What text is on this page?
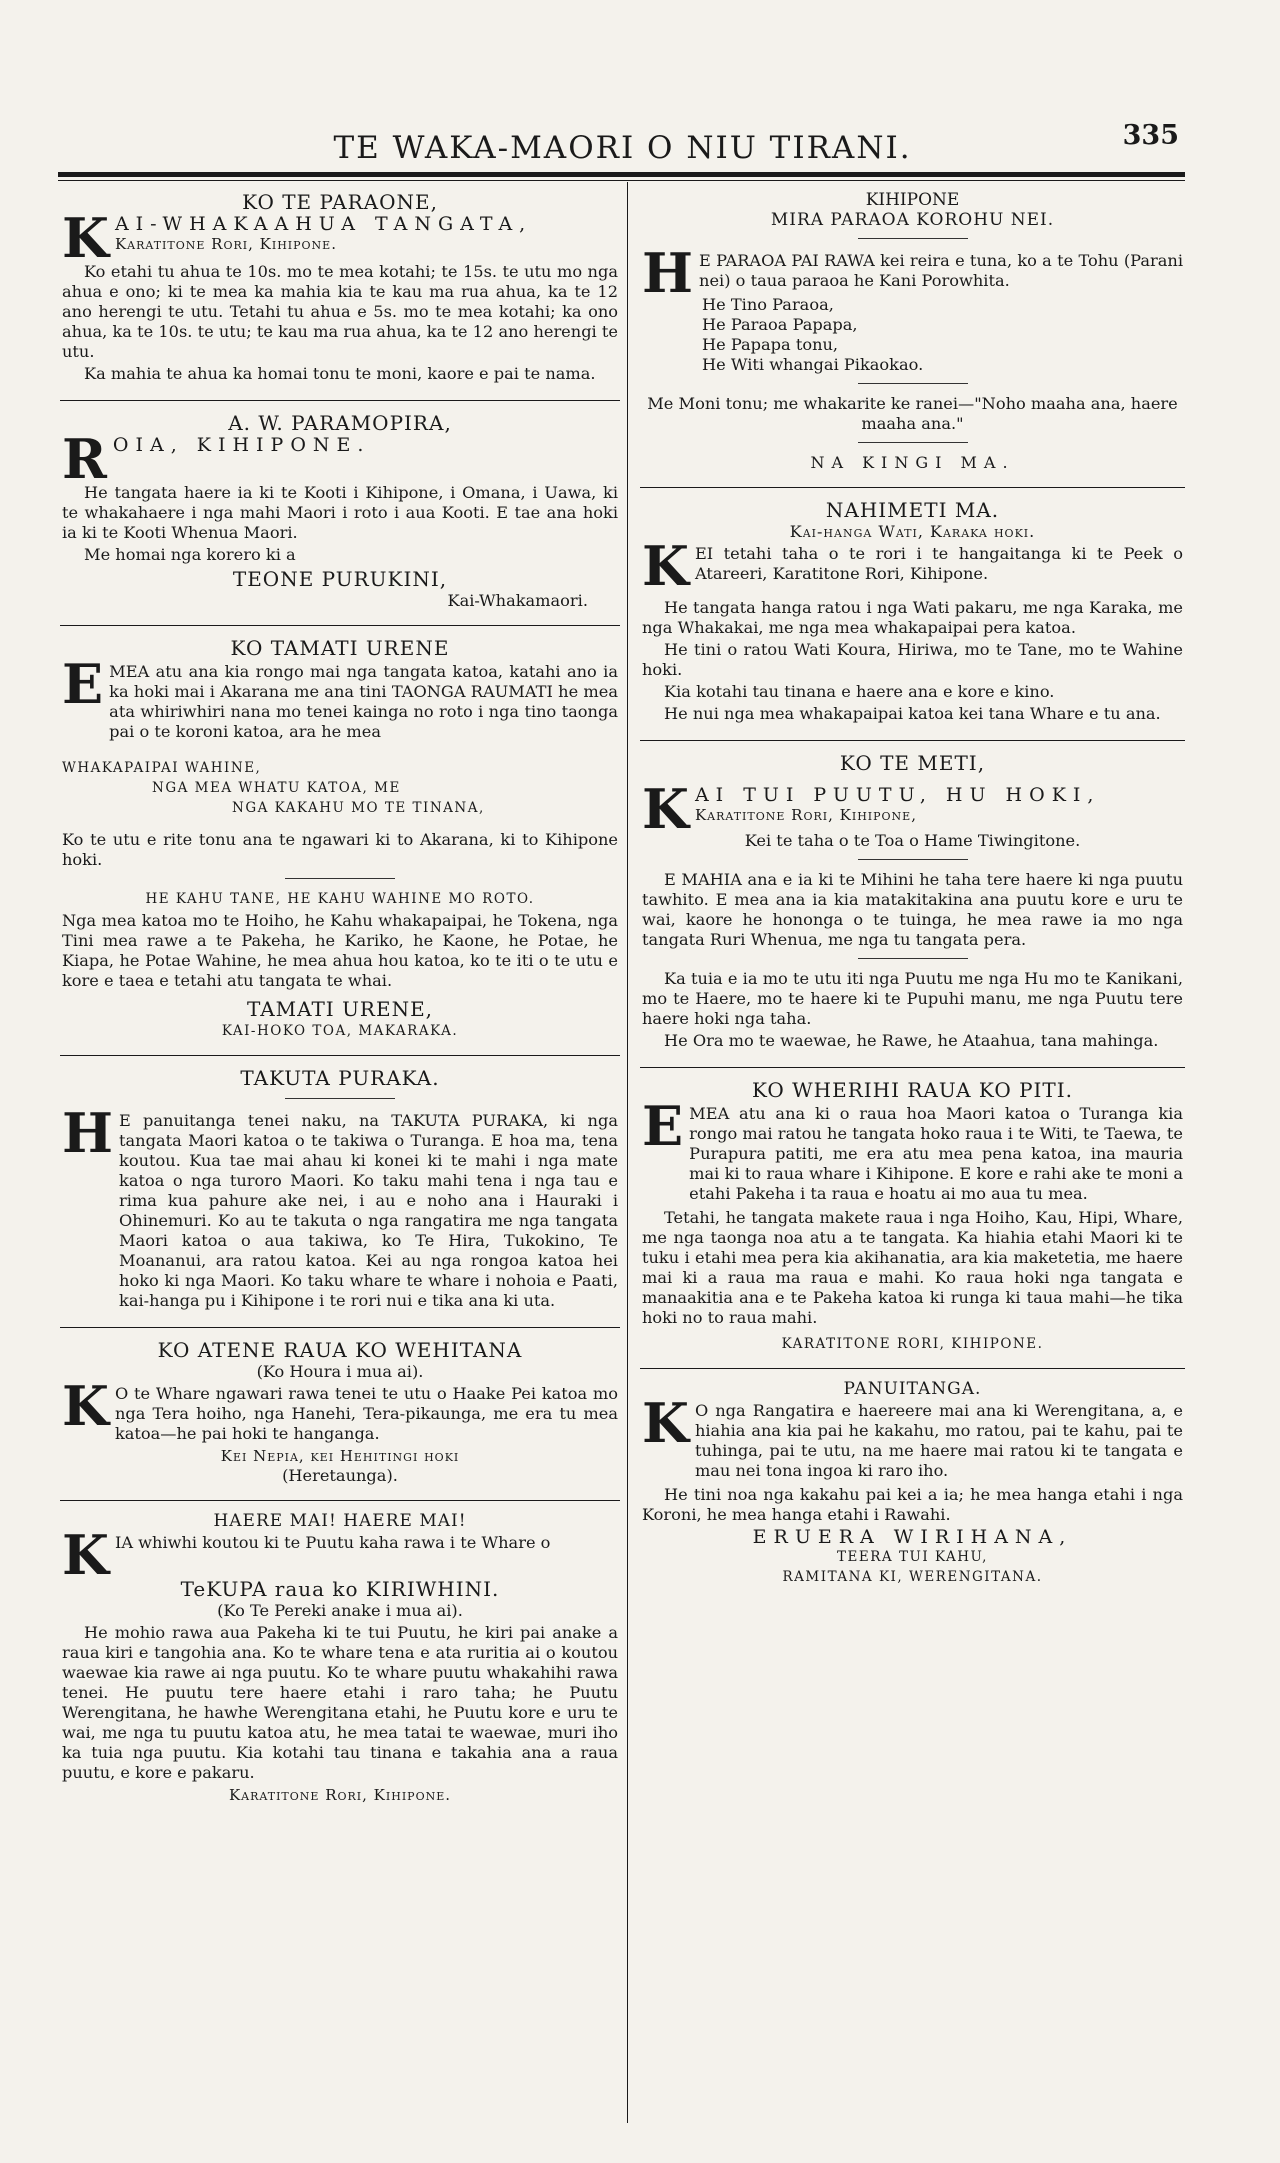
TE WAKA-MAORI O NIU TIRANI.	335
KO TE PARAONE,
K AI-WHAKAAHUA TANGATA,
Karatitone Rori, Kihipone.

Ko etahi tu ahua te 10s. mo te mea kotahi; te 15s. te utu mo nga ahua e ono; ki te mea ka mahia kia te kau ma rua ahua, ka te 12 ano herengi te utu. Tetahi tu ahua e 5s. mo te mea kotahi; ka ono ahua, ka te 10s. te utu; te kau ma rua ahua, ka te 12 ano herengi te utu.

Ka mahia te ahua ka homai tonu te moni, kaore e pai te nama.

A. W. PARAMOPIRA,
R OIA, KIHIPONE.

He tangata haere ia ki te Kooti i Kihipone, i Omana, i Uawa, ki te whakahaere i nga mahi Maori i roto i aua Kooti. E tae ana hoki ia ki te Kooti Whenua Maori.

Me homai nga korero ki a

TEONE PURUKINI,
Kai-Whakamaori.
KO TAMATI URENE
E MEA atu ana kia rongo mai nga tangata katoa, katahi ano ia ka hoki mai i Akarana me ana tini TAONGA RAUMATI he mea ata whiriwhiri nana mo tenei kainga no roto i nga tino taonga pai o te koroni katoa, ara he mea

WHAKAPAIPAI WAHINE,
NGA MEA WHATU KATOA, ME
NGA KAKAHU MO TE TINANA,

Ko te utu e rite tonu ana te ngawari ki to Akarana, ki to Kihipone hoki.

HE KAHU TANE, HE KAHU WAHINE MO ROTO.

Nga mea katoa mo te Hoiho, he Kahu whakapaipai, he Tokena, nga Tini mea rawe a te Pakeha, he Kariko, he Kaone, he Potae, he Kiapa, he Potae Wahine, he mea ahua hou katoa, ko te iti o te utu e kore e taea e tetahi atu tangata te whai.

TAMATI URENE,
KAI-HOKO TOA, MAKARAKA.
TAKUTA PURAKA.
H E panuitanga tenei naku, na TAKUTA PURAKA, ki nga tangata Maori katoa o te takiwa o Turanga. E hoa ma, tena koutou. Kua tae mai ahau ki konei ki te mahi i nga mate katoa o nga turoro Maori. Ko taku mahi tena i nga tau e rima kua pahure ake nei, i au e noho ana i Hauraki i Ohinemuri. Ko au te takuta o nga rangatira me nga tangata Maori katoa o aua takiwa, ko Te Hira, Tukokino, Te Moananui, ara ratou katoa. Kei au nga rongoa katoa hei hoko ki nga Maori. Ko taku whare te whare i nohoia e Paati, kai-hanga pu i Kihipone i te rori nui e tika ana ki uta.

KO ATENE RAUA KO WEHITANA
(Ko Houra i mua ai).
K O te Whare ngawari rawa tenei te utu o Haake Pei katoa mo nga Tera hoiho, nga Hanehi, Tera-pikaunga, me era tu mea katoa—he pai hoki te hanganga.

Kei Nepia, kei Hehitingi hoki
(Heretaunga).
HAERE MAI! HAERE MAI!
K IA whiwhi koutou ki te Puutu kaha rawa i te Whare o

TeKUPA raua ko KIRIWHINI.
(Ko Te Pereki anake i mua ai).

He mohio rawa aua Pakeha ki te tui Puutu, he kiri pai anake a raua kiri e tangohia ana. Ko te whare tena e ata ruritia ai o koutou waewae kia rawe ai nga puutu. Ko te whare puutu whakahihi rawa tenei. He puutu tere haere etahi i raro taha; he Puutu Werengitana, he hawhe Werengitana etahi, he Puutu kore e uru te wai, me nga tu puutu katoa atu, he mea tatai te waewae, muri iho ka tuia nga puutu. Kia kotahi tau tinana e takahia ana a raua puutu, e kore e pakaru.

Karatitone Rori, Kihipone.
KIHIPONE
MIRA PARAOA KOROHU NEI.
H E PARAOA PAI RAWA kei reira e tuna, ko a te Tohu (Parani nei) o taua paraoa he Kani Porowhita.

He Tino Paraoa,
He Paraoa Papapa,
He Papapa tonu,
He Witi whangai Pikaokao.

Me Moni tonu; me whakarite ke ranei—"Noho maaha ana, haere maaha ana."

NA KINGI MA.
NAHIMETI MA.
Kai-hanga Wati, Karaka hoki.
K EI tetahi taha o te rori i te hangaitanga ki te Peek o Atareeri, Karatitone Rori, Kihipone.

He tangata hanga ratou i nga Wati pakaru, me nga Karaka, me nga Whakakai, me nga mea whakapaipai pera katoa.

He tini o ratou Wati Koura, Hiriwa, mo te Tane, mo te Wahine hoki.

Kia kotahi tau tinana e haere ana e kore e kino.

He nui nga mea whakapaipai katoa kei tana Whare e tu ana.

KO TE METI,
K AI TUI PUUTU, HU HOKI,
Karatitone Rori, Kihipone,
Kei te taha o te Toa o Hame Tiwingitone.

E MAHIA ana e ia ki te Mihini he taha tere haere ki nga puutu tawhito. E mea ana ia kia matakitakina ana puutu kore e uru te wai, kaore he hononga o te tuinga, he mea rawe ia mo nga tangata Ruri Whenua, me nga tu tangata pera.

Ka tuia e ia mo te utu iti nga Puutu me nga Hu mo te Kanikani, mo te Haere, mo te haere ki te Pupuhi manu, me nga Puutu tere haere hoki nga taha.

He Ora mo te waewae, he Rawe, he Ataahua, tana mahinga.

KO WHERIHI RAUA KO PITI.
E MEA atu ana ki o raua hoa Maori katoa o Turanga kia rongo mai ratou he tangata hoko raua i te Witi, te Taewa, te Purapura patiti, me era atu mea pena katoa, ina mauria mai ki to raua whare i Kihipone. E kore e rahi ake te moni a etahi Pakeha i ta raua e hoatu ai mo aua tu mea.

Tetahi, he tangata makete raua i nga Hoiho, Kau, Hipi, Whare, me nga taonga noa atu a te tangata. Ka hiahia etahi Maori ki te tuku i etahi mea pera kia akihanatia, ara kia maketetia, me haere mai ki a raua ma raua e mahi. Ko raua hoki nga tangata e manaakitia ana e te Pakeha katoa ki runga ki taua mahi—he tika hoki no to raua mahi.

KARATITONE RORI, KIHIPONE.
PANUITANGA.
K O nga Rangatira e haereere mai ana ki Werengitana, a, e hiahia ana kia pai he kakahu, mo ratou, pai te kahu, pai te tuhinga, pai te utu, na me haere mai ratou ki te tangata e mau nei tona ingoa ki raro iho.

He tini noa nga kakahu pai kei a ia; he mea hanga etahi i nga Koroni, he mea hanga etahi i Rawahi.

ERUERA WIRIHANA,
TEERA TUI KAHU,
RAMITANA KI, WERENGITANA.
